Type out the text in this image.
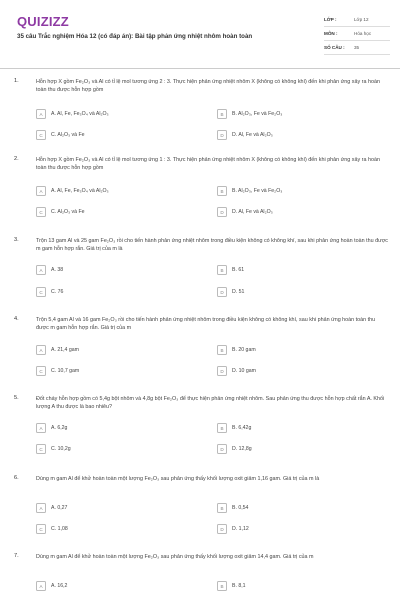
QUIZIZZ
35 câu Trắc nghiệm Hóa 12 (có đáp án): Bài tập phản ứng nhiệt nhôm hoàn toàn
LỚP :	Lớp 12
MÔN :	Hóa học
SỐ CÂU :	35
1.	Hỗn hợp X gồm Fe₂O₃ và Al có tỉ lệ mol tương ứng 2 : 3. Thực hiện phản ứng nhiệt nhôm X (không có không khí) đến khi phản ứng xảy ra hoàn toàn thu được hỗn hợp gồm
A	A. Al, Fe, Fe₃O₄ và Al₂O₃	B	B. Al₂O₃, Fe và Fe₂O₃
C	C. Al₂O₃ và Fe	D	D. Al, Fe và Al₂O₃
2.	Hỗn hợp X gồm Fe₂O₃ và Al có tỉ lệ mol tương ứng 1 : 3. Thực hiện phản ứng nhiệt nhôm X (không có không khí) đến khi phản ứng xảy ra hoàn toàn thu được hỗn hợp gồm
A	A. Al, Fe, Fe₃O₄ và Al₂O₃	B	B. Al₂O₃, Fe và Fe₂O₃
C	C. Al₂O₃ và Fe	D	D. Al, Fe và Al₂O₃
3.	Trộn 13 gam Al và 25 gam Fe₂O₃ rồi cho tiến hành phản ứng nhiệt nhôm trong điều kiện không có không khí, sau khi phản ứng hoàn toàn thu được m gam hỗn hợp rắn. Giá trị của m là
A	A. 38	B	B. 61
C	C. 76	D	D. 51
4.	Trộn 5,4 gam Al và 16 gam Fe₂O₃ rồi cho tiến hành phản ứng nhiệt nhôm trong điều kiện không có không khí, sau khi phản ứng hoàn toàn thu được m gam hỗn hợp rắn. Giá trị của m
A	A. 21,4 gam	B	B. 20 gam
C	C. 10,7 gam	D	D. 10 gam
5.	Đốt cháy hỗn hợp gồm có 5,4g bột nhôm và 4,8g bột Fe₂O₃ để thực hiện phản ứng nhiệt nhôm. Sau phản ứng thu được hỗn hợp chất rắn A. Khối lượng A thu được là bao nhiêu?
A	A. 6,2g	B	B. 6,42g
C	C. 10,2g	D	D. 12,8g
6.	Dùng m gam Al để khử hoàn toàn một lượng Fe₂O₃ sau phản ứng thấy khối lượng oxit giảm 1,16 gam. Giá trị của m là
A	A. 0,27	B	B. 0,54
C	C. 1,08	D	D. 1,12
7.	Dùng m gam Al để khử hoàn toàn một lượng Fe₂O₃ sau phản ứng thấy khối lượng oxit giảm 14,4 gam. Giá trị của m
A	A. 16,2	B	B. 8,1
